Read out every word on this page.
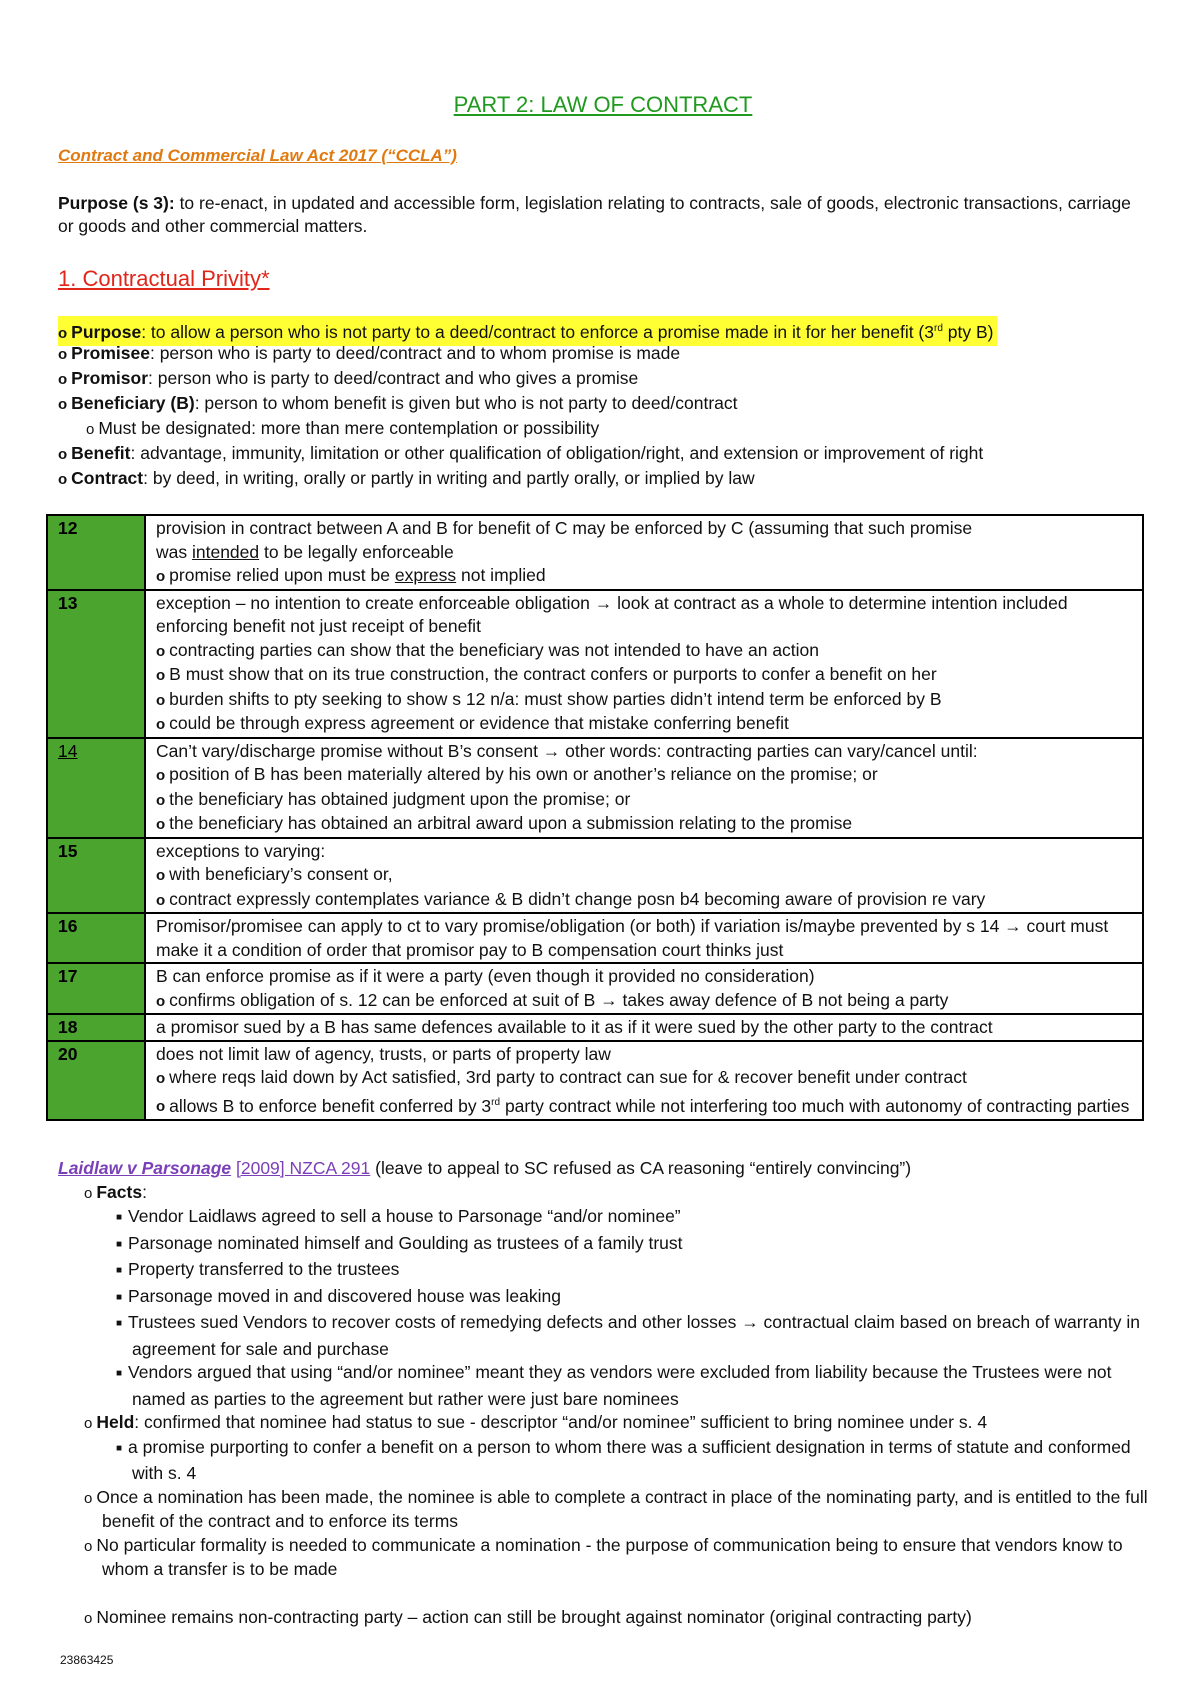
PART 2: LAW OF CONTRACT
Contract and Commercial Law Act 2017 (“CCLA”)
Purpose (s 3): to re-enact, in updated and accessible form, legislation relating to contracts, sale of goods, electronic transactions, carriage or goods and other commercial matters.
1. Contractual Privity*
o Purpose: to allow a person who is not party to a deed/contract to enforce a promise made in it for her benefit (3rd pty B)
o Promisee: person who is party to deed/contract and to whom promise is made
o Promisor: person who is party to deed/contract and who gives a promise
o Beneficiary (B): person to whom benefit is given but who is not party to deed/contract
o Must be designated: more than mere contemplation or possibility
o Benefit: advantage, immunity, limitation or other qualification of obligation/right, and extension or improvement of right
o Contract: by deed, in writing, orally or partly in writing and partly orally, or implied by law
12	provision in contract between A and B for benefit of C may be enforced by C (assuming that such promise
was intended to be legally enforceable
o promise relied upon must be express not implied

13	exception – no intention to create enforceable obligation → look at contract as a whole to determine intention included enforcing benefit not just receipt of benefit
o contracting parties can show that the beneficiary was not intended to have an action
o B must show that on its true construction, the contract confers or purports to confer a benefit on her
o burden shifts to pty seeking to show s 12 n/a: must show parties didn’t intend term be enforced by B
o could be through express agreement or evidence that mistake conferring benefit

14	Can’t vary/discharge promise without B’s consent → other words: contracting parties can vary/cancel until:
o position of B has been materially altered by his own or another’s reliance on the promise; or
o the beneficiary has obtained judgment upon the promise; or
o the beneficiary has obtained an arbitral award upon a submission relating to the promise

15	exceptions to varying:
o with beneficiary’s consent or,
o contract expressly contemplates variance & B didn’t change posn b4 becoming aware of provision re vary

16	Promisor/promisee can apply to ct to vary promise/obligation (or both) if variation is/maybe prevented by s 14 → court must make it a condition of order that promisor pay to B compensation court thinks just

17	B can enforce promise as if it were a party (even though it provided no consideration)
o confirms obligation of s. 12 can be enforced at suit of B → takes away defence of B not being a party

18	a promisor sued by a B has same defences available to it as if it were sued by the other party to the contract

20	does not limit law of agency, trusts, or parts of property law
o where reqs laid down by Act satisfied, 3rd party to contract can sue for & recover benefit under contract
o allows B to enforce benefit conferred by 3rd party contract while not interfering too much with autonomy of contracting parties
Laidlaw v Parsonage [2009] NZCA 291 (leave to appeal to SC refused as CA reasoning “entirely convincing”)
o Facts:
■ Vendor Laidlaws agreed to sell a house to Parsonage “and/or nominee”
■ Parsonage nominated himself and Goulding as trustees of a family trust
■ Property transferred to the trustees
■ Parsonage moved in and discovered house was leaking
■ Trustees sued Vendors to recover costs of remedying defects and other losses → contractual claim based on breach of warranty in agreement for sale and purchase
■ Vendors argued that using “and/or nominee” meant they as vendors were excluded from liability because the Trustees were not named as parties to the agreement but rather were just bare nominees
o Held: confirmed that nominee had status to sue - descriptor “and/or nominee” sufficient to bring nominee under s. 4
■ a promise purporting to confer a benefit on a person to whom there was a sufficient designation in terms of statute and conformed with s. 4
o Once a nomination has been made, the nominee is able to complete a contract in place of the nominating party, and is entitled to the full benefit of the contract and to enforce its terms
o No particular formality is needed to communicate a nomination - the purpose of communication being to ensure that vendors know to whom a transfer is to be made
o Nominee remains non-contracting party – action can still be brought against nominator (original contracting party)
23863425
